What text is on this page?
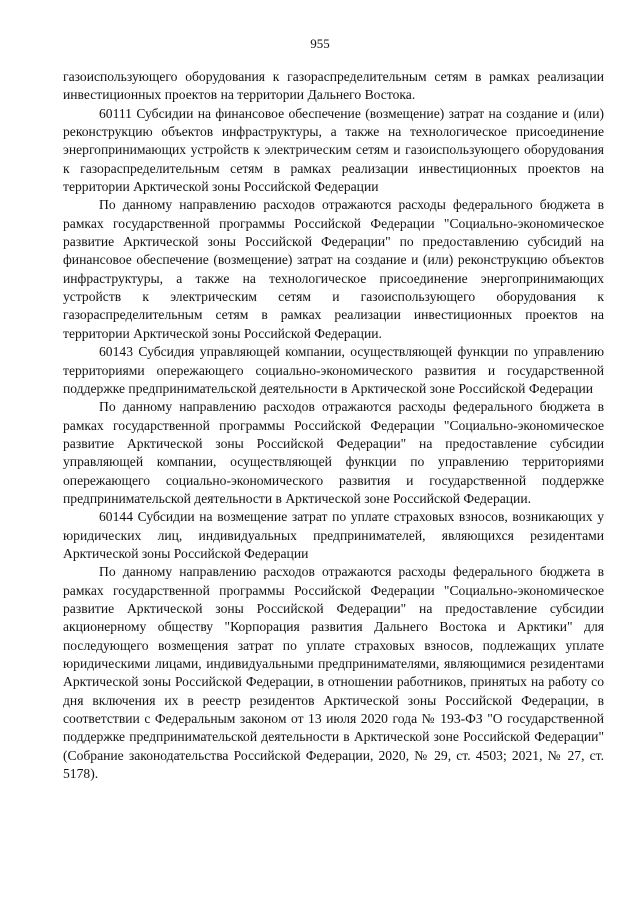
955

газоиспользующего оборудования к газораспределительным сетям в рамках реализации инвестиционных проектов на территории Дальнего Востока.

60111 Субсидии на финансовое обеспечение (возмещение) затрат на создание и (или) реконструкцию объектов инфраструктуры, а также на технологическое присоединение энергопринимающих устройств к электрическим сетям и газоиспользующего оборудования к газораспределительным сетям в рамках реализации инвестиционных проектов на территории Арктической зоны Российской Федерации

По данному направлению расходов отражаются расходы федерального бюджета в рамках государственной программы Российской Федерации "Социально-экономическое развитие Арктической зоны Российской Федерации" по предоставлению субсидий на финансовое обеспечение (возмещение) затрат на создание и (или) реконструкцию объектов инфраструктуры, а также на технологическое присоединение энергопринимающих устройств к электрическим сетям и газоиспользующего оборудования к газораспределительным сетям в рамках реализации инвестиционных проектов на территории Арктической зоны Российской Федерации.

60143 Субсидия управляющей компании, осуществляющей функции по управлению территориями опережающего социально-экономического развития и государственной поддержке предпринимательской деятельности в Арктической зоне Российской Федерации

По данному направлению расходов отражаются расходы федерального бюджета в рамках государственной программы Российской Федерации "Социально-экономическое развитие Арктической зоны Российской Федерации" на предоставление субсидии управляющей компании, осуществляющей функции по управлению территориями опережающего социально-экономического развития и государственной поддержке предпринимательской деятельности в Арктической зоне Российской Федерации.

60144 Субсидии на возмещение затрат по уплате страховых взносов, возникающих у юридических лиц, индивидуальных предпринимателей, являющихся резидентами Арктической зоны Российской Федерации

По данному направлению расходов отражаются расходы федерального бюджета в рамках государственной программы Российской Федерации "Социально-экономическое развитие Арктической зоны Российской Федерации" на предоставление субсидии акционерному обществу "Корпорация развития Дальнего Востока и Арктики" для последующего возмещения затрат по уплате страховых взносов, подлежащих уплате юридическими лицами, индивидуальными предпринимателями, являющимися резидентами Арктической зоны Российской Федерации, в отношении работников, принятых на работу со дня включения их в реестр резидентов Арктической зоны Российской Федерации, в соответствии с Федеральным законом от 13 июля 2020 года № 193-ФЗ "О государственной поддержке предпринимательской деятельности в Арктической зоне Российской Федерации" (Собрание законодательства Российской Федерации, 2020, № 29, ст. 4503; 2021, № 27, ст. 5178).
